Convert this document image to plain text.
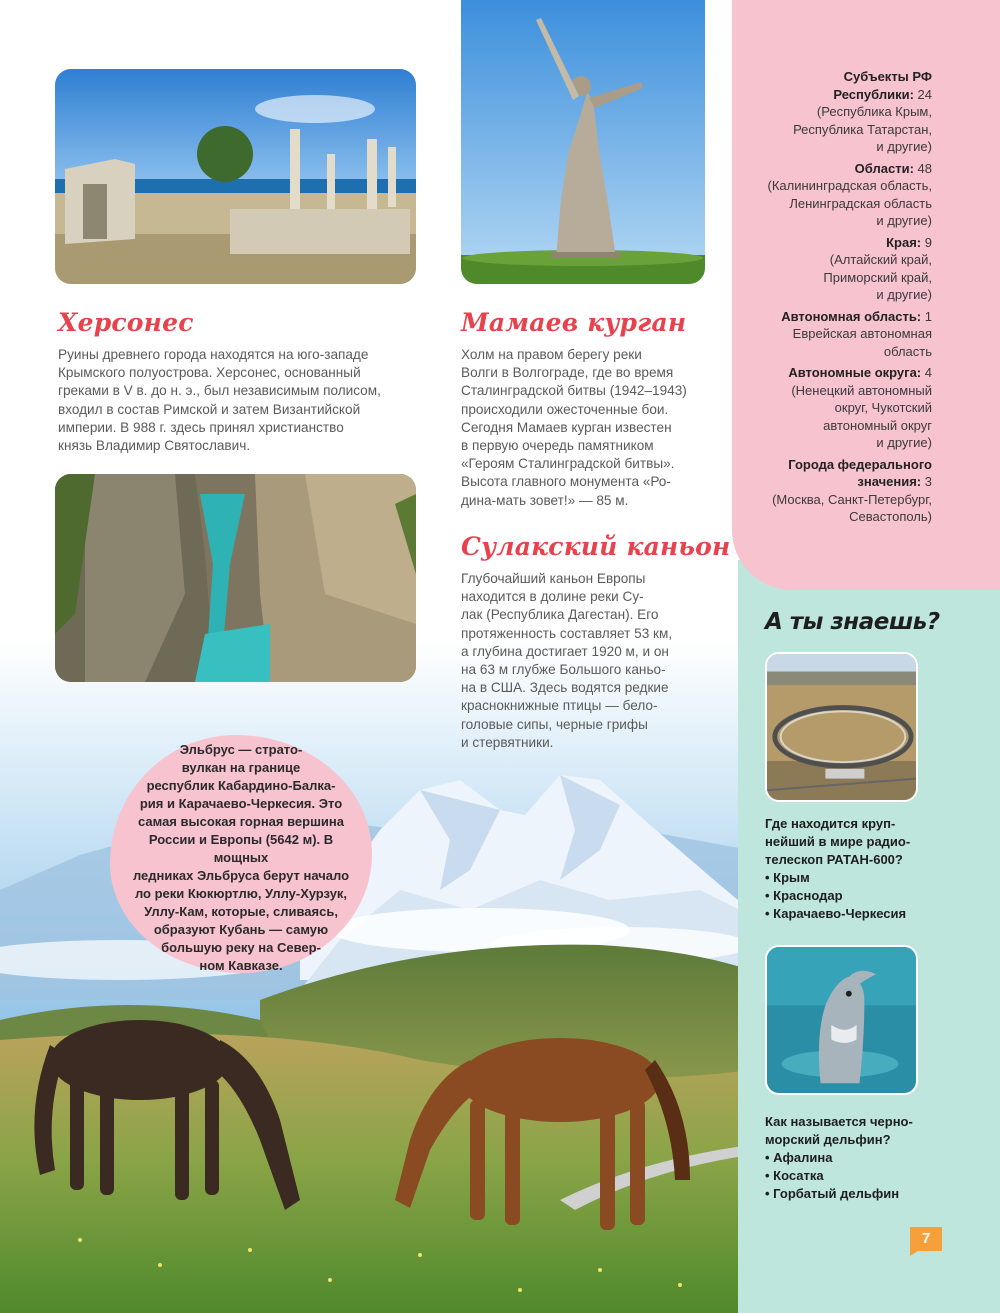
Херсонес
Руины древнего города находятся на юго-западе
Крымского полуострова. Херсонес, основанный
греками в V в. до н. э., был независимым полисом,
входил в состав Римской и затем Византийской
империи. В 988 г. здесь принял христианство
князь Владимир Святославич.
Мамаев курган
Холм на правом берегу реки
Волги в Волгограде, где во время
Сталинградской битвы (1942–1943)
происходили ожесточенные бои.
Сегодня Мамаев курган известен
в первую очередь памятником
«Героям Сталинградской битвы».
Высота главного монумента «Ро-
дина-мать зовет!» — 85 м.
Сулакский каньон
Глубочайший каньон Европы
находится в долине реки Су-
лак (Республика Дагестан). Его
протяженность составляет 53 км,
а глубина достигает 1920 м, и он
на 63 м глубже Большого каньо-
на в США. Здесь водятся редкие
краснокнижные птицы — бело-
головые сипы, черные грифы
и стервятники.
Субъекты РФ
Республики: 24
(Республика Крым,
Республика Татарстан,
и другие)
Области: 48
(Калининградская область,
Ленинградская область
и другие)
Края: 9
(Алтайский край,
Приморский край,
и другие)
Автономная область: 1
Еврейская автономная
область
Автономные округа: 4
(Ненецкий автономный
округ, Чукотский
автономный округ
и другие)
Города федерального
значения: 3
(Москва, Санкт-Петербург,
Севастополь)
А ты знаешь?
Где находится круп-
нейший в мире радио-
телескоп РАТАН-600?
• Крым
• Краснодар
• Карачаево-Черкесия
Как называется черно-
морский дельфин?
• Афалина
• Косатка
• Горбатый дельфин
Эльбрус — страто-
вулкан на границе
республик Кабардино-Балка-
рия и Карачаево-Черкесия. Это
самая высокая горная вершина
России и Европы (5642 м). В мощных
ледниках Эльбруса берут начало
ло реки Кюкюртлю, Уллу-Хурзук,
Уллу-Кам, которые, сливаясь,
образуют Кубань — самую
большую реку на Север-
ном Кавказе.
7
